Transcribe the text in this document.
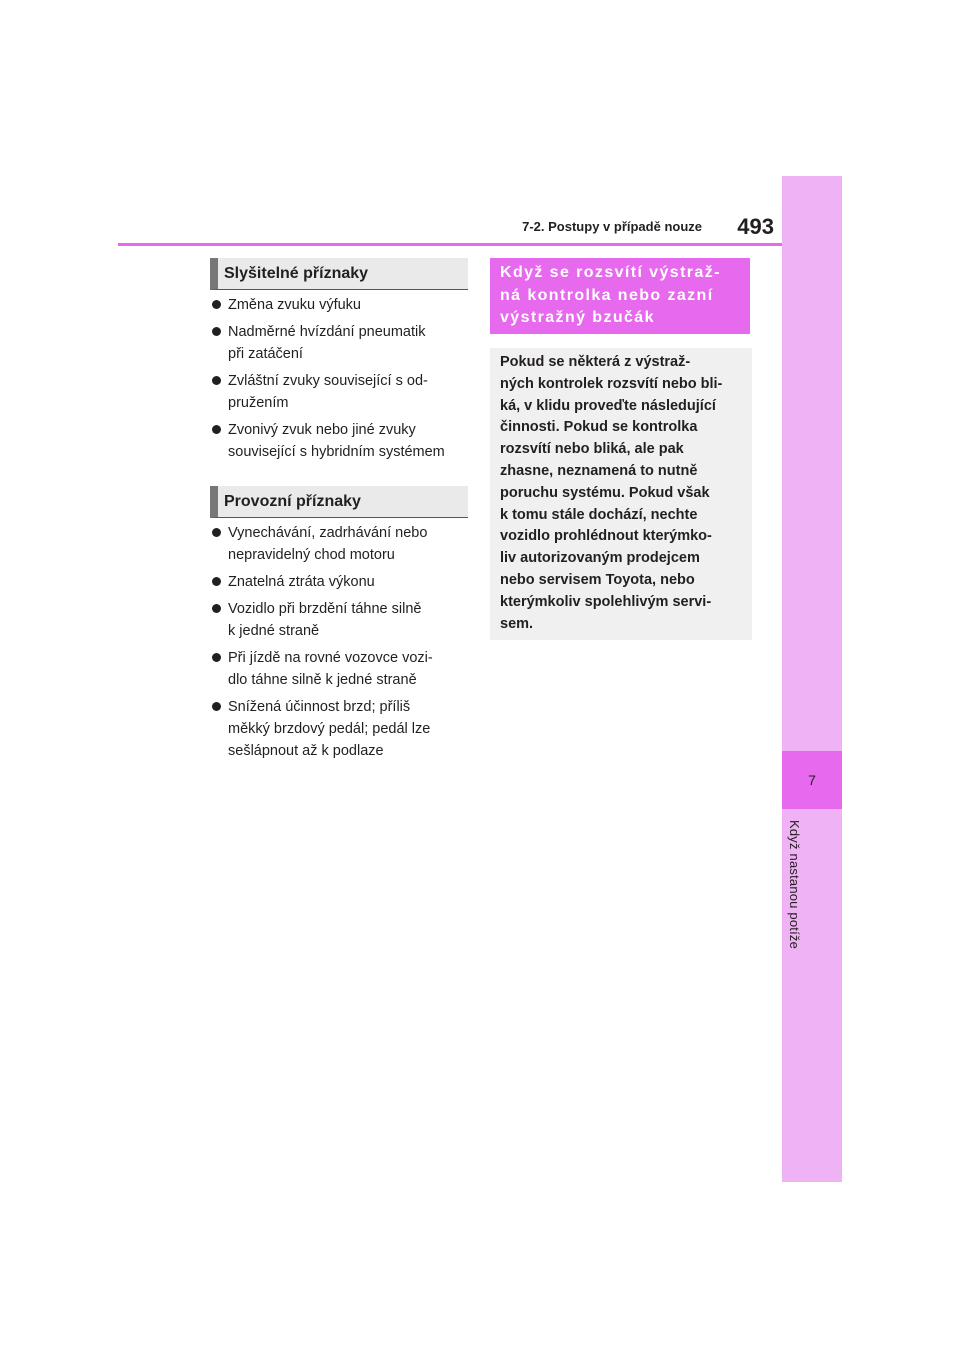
7
Když nastanou potíže
7-2. Postupy v případě nouze	493
Slyšitelné příznaky
Změna zvuku výfuku
Nadměrné hvízdání pneumatik
při zatáčení
Zvláštní zvuky související s od-
pružením
Zvonivý zvuk nebo jiné zvuky
související s hybridním systémem
Provozní příznaky
Vynechávání, zadrhávání nebo
nepravidelný chod motoru
Znatelná ztráta výkonu
Vozidlo při brzdění táhne silně
k jedné straně
Při jízdě na rovné vozovce vozi-
dlo táhne silně k jedné straně
Snížená účinnost brzd; příliš
měkký brzdový pedál; pedál lze
sešlápnout až k podlaze
Když se rozsvítí výstraž-
ná kontrolka nebo zazní
výstražný bzučák
Pokud se některá z výstraž-
ných kontrolek rozsvítí nebo bli-
ká, v klidu proveďte následující
činnosti. Pokud se kontrolka
rozsvítí nebo bliká, ale pak
zhasne, neznamená to nutně
poruchu systému. Pokud však
k tomu stále dochází, nechte
vozidlo prohlédnout kterýmko-
liv autorizovaným prodejcem
nebo servisem Toyota, nebo
kterýmkoliv spolehlivým servi-
sem.
